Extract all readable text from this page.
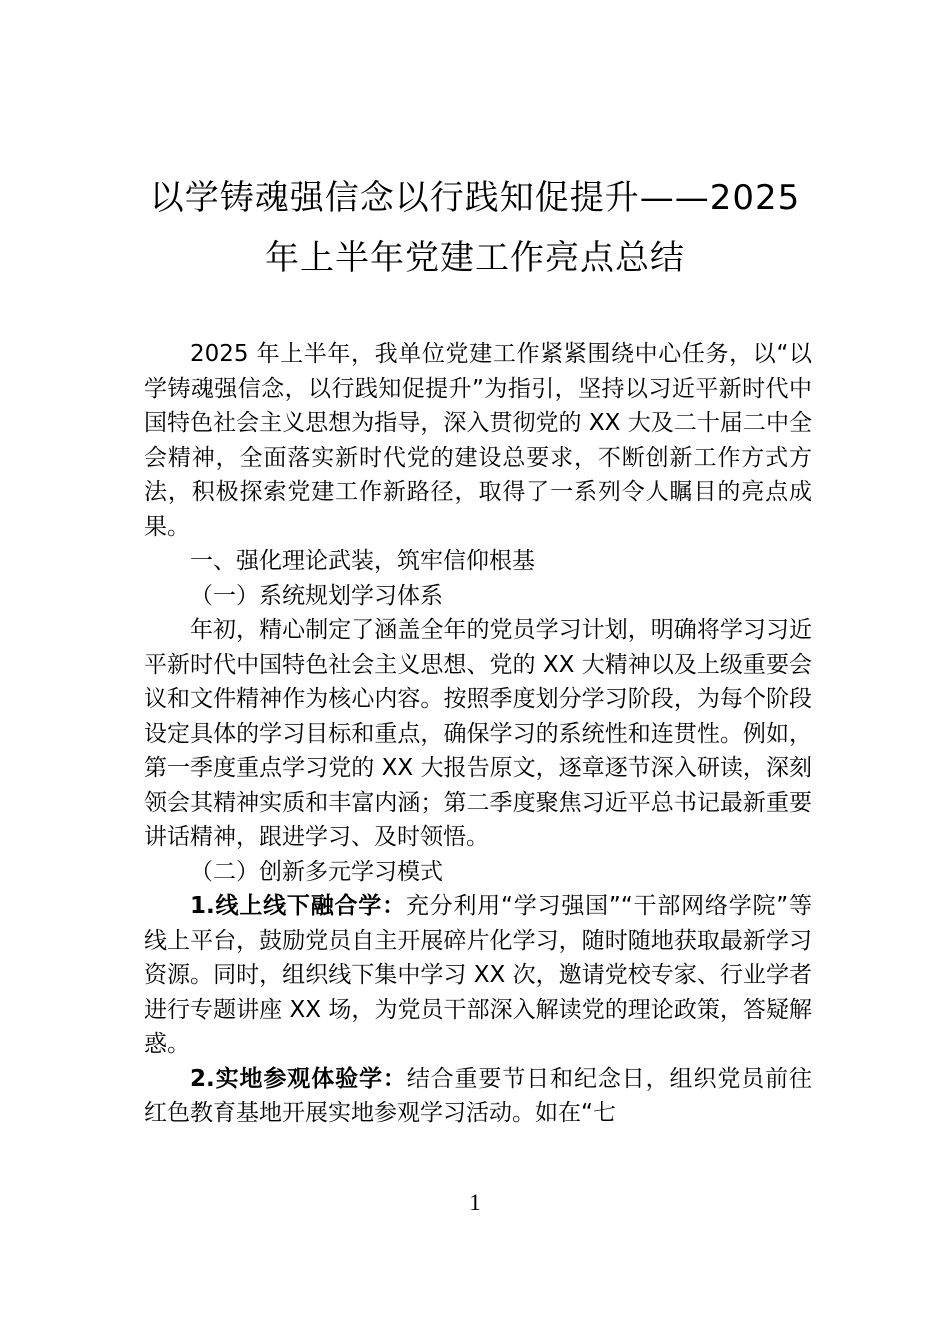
以学铸魂强信念以行践知促提升——2025
年上半年党建工作亮点总结

2025 年上半年，我单位党建工作紧紧围绕中心任务，以“以学铸魂强信念，以行践知促提升”为指引，坚持以习近平新时代中国特色社会主义思想为指导，深入贯彻党的 XX 大及二十届二中全会精神，全面落实新时代党的建设总要求，不断创新工作方式方法，积极探索党建工作新路径，取得了一系列令人瞩目的亮点成果。

一、强化理论武装，筑牢信仰根基

（一）系统规划学习体系

年初，精心制定了涵盖全年的党员学习计划，明确将学习习近平新时代中国特色社会主义思想、党的 XX 大精神以及上级重要会议和文件精神作为核心内容。按照季度划分学习阶段，为每个阶段设定具体的学习目标和重点，确保学习的系统性和连贯性。例如，第一季度重点学习党的 XX 大报告原文，逐章逐节深入研读，深刻领会其精神实质和丰富内涵；第二季度聚焦习近平总书记最新重要讲话精神，跟进学习、及时领悟。

（二）创新多元学习模式

1.线上线下融合学：充分利用“学习强国”“干部网络学院”等线上平台，鼓励党员自主开展碎片化学习，随时随地获取最新学习资源。同时，组织线下集中学习 XX 次，邀请党校专家、行业学者进行专题讲座 XX 场，为党员干部深入解读党的理论政策，答疑解惑。

2.实地参观体验学：结合重要节日和纪念日，组织党员前往红色教育基地开展实地参观学习活动。如在“七

1
